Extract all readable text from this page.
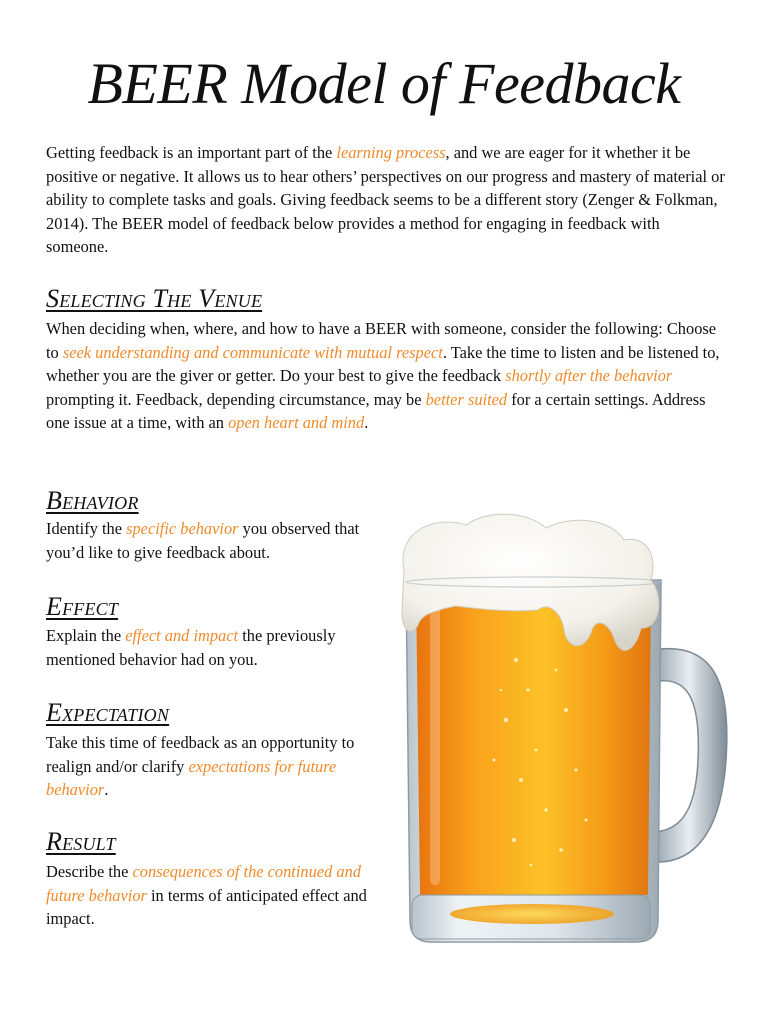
BEER Model of Feedback

Getting feedback is an important part of the learning process, and we are eager for it whether it be positive or negative. It allows us to hear others’ perspectives on our progress and mastery of material or ability to complete tasks and goals. Giving feedback seems to be a different story (Zenger & Folkman, 2014). The BEER model of feedback below provides a method for engaging in feedback with someone.

Selecting The Venue

When deciding when, where, and how to have a BEER with someone, consider the following: Choose to seek understanding and communicate with mutual respect. Take the time to listen and be listened to, whether you are the giver or getter. Do your best to give the feedback shortly after the behavior prompting it. Feedback, depending circumstance, may be better suited for a certain settings. Address one issue at a time, with an open heart and mind.

Behavior

Identify the specific behavior you observed that you’d like to give feedback about.

Effect

Explain the effect and impact the previously mentioned behavior had on you.

Expectation

Take this time of feedback as an opportunity to realign and/or clarify expectations for future behavior.

Result

Describe the consequences of the continued and future behavior in terms of anticipated effect and impact.
